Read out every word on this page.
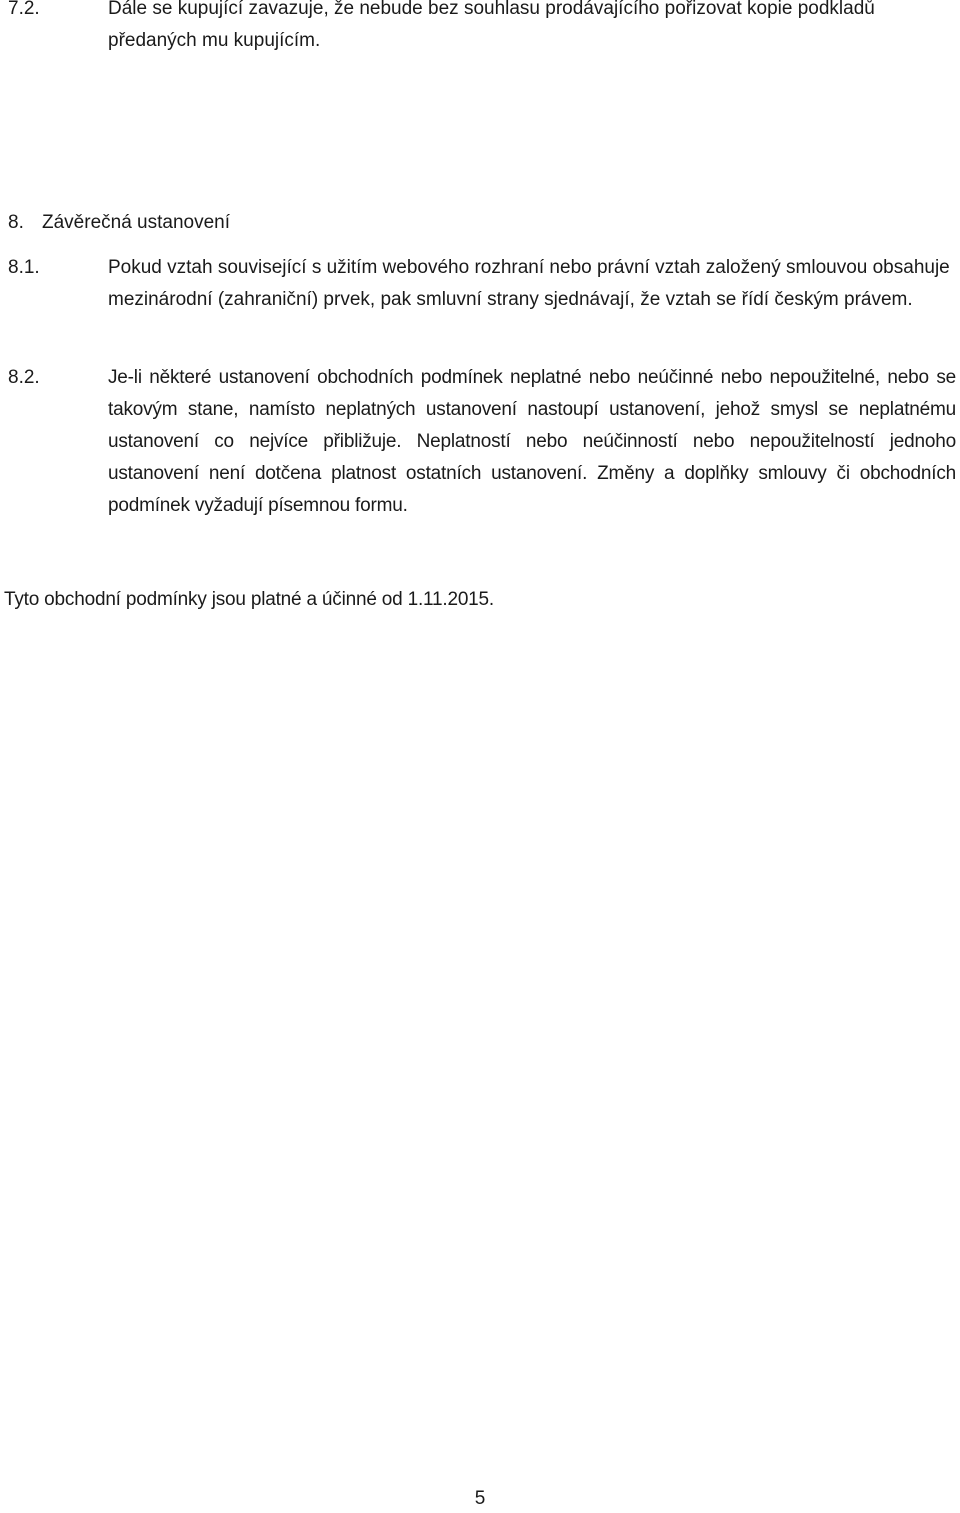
7.2.	Dále se kupující zavazuje, že nebude bez souhlasu prodávajícího pořizovat kopie podkladů předaných mu kupujícím.
8. Závěrečná ustanovení
8.1.	Pokud vztah související s užitím webového rozhraní nebo právní vztah založený smlouvou obsahuje mezinárodní (zahraniční) prvek, pak smluvní strany sjednávají, že vztah se řídí českým právem.
8.2.	Je-li některé ustanovení obchodních podmínek neplatné nebo neúčinné nebo nepoužitelné, nebo se takovým stane, namísto neplatných ustanovení nastoupí ustanovení, jehož smysl se neplatnému ustanovení co nejvíce přibližuje. Neplatností nebo neúčinností nebo nepoužitelností jednoho ustanovení není dotčena platnost ostatních ustanovení. Změny a doplňky smlouvy či obchodních podmínek vyžadují písemnou formu.
Tyto obchodní podmínky jsou platné a účinné od 1.11.2015.
5
